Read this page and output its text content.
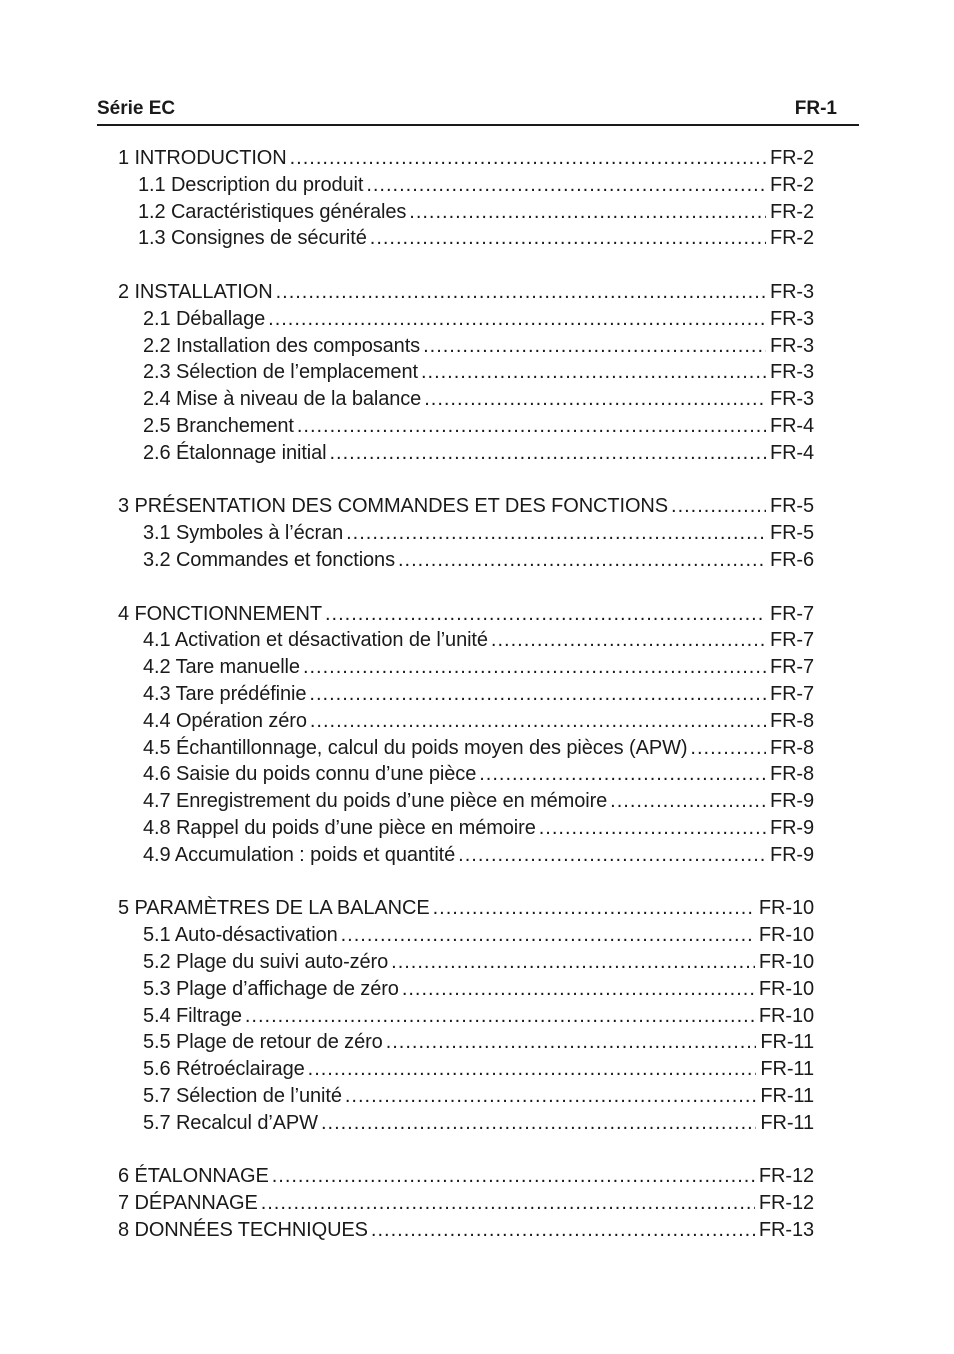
Série EC	FR-1
1 INTRODUCTION .....	FR-2
1.1 Description du produit .....	FR-2
1.2 Caractéristiques générales .....	FR-2
1.3 Consignes de sécurité .....	FR-2
2 INSTALLATION .....	FR-3
2.1 Déballage .....	FR-3
2.2 Installation des composants .....	FR-3
2.3 Sélection de l’emplacement .....	FR-3
2.4 Mise à niveau de la balance .....	FR-3
2.5 Branchement .....	FR-4
2.6 Étalonnage initial .....	FR-4
3 PRÉSENTATION DES COMMANDES ET DES FONCTIONS .....	FR-5
3.1 Symboles à l’écran .....	FR-5
3.2 Commandes et fonctions .....	FR-6
4 FONCTIONNEMENT .....	FR-7
4.1 Activation et désactivation de l’unité .....	FR-7
4.2 Tare manuelle .....	FR-7
4.3 Tare prédéfinie .....	FR-7
4.4 Opération zéro .....	FR-8
4.5 Échantillonnage, calcul du poids moyen des pièces (APW) .....	FR-8
4.6 Saisie du poids connu d’une pièce .....	FR-8
4.7 Enregistrement du poids d’une pièce en mémoire .....	FR-9
4.8 Rappel du poids d’une pièce en mémoire .....	FR-9
4.9 Accumulation : poids et quantité .....	FR-9
5 PARAMÈTRES DE LA BALANCE .....	FR-10
5.1 Auto-désactivation .....	FR-10
5.2 Plage du suivi auto-zéro .....	FR-10
5.3 Plage d’affichage de zéro .....	FR-10
5.4 Filtrage .....	FR-10
5.5 Plage de retour de zéro .....	FR-11
5.6 Rétroéclairage .....	FR-11
5.7 Sélection de l’unité .....	FR-11
5.7 Recalcul d’APW .....	FR-11
6 ÉTALONNAGE .....	FR-12
7 DÉPANNAGE .....	FR-12
8 DONNÉES TECHNIQUES .....	FR-13
